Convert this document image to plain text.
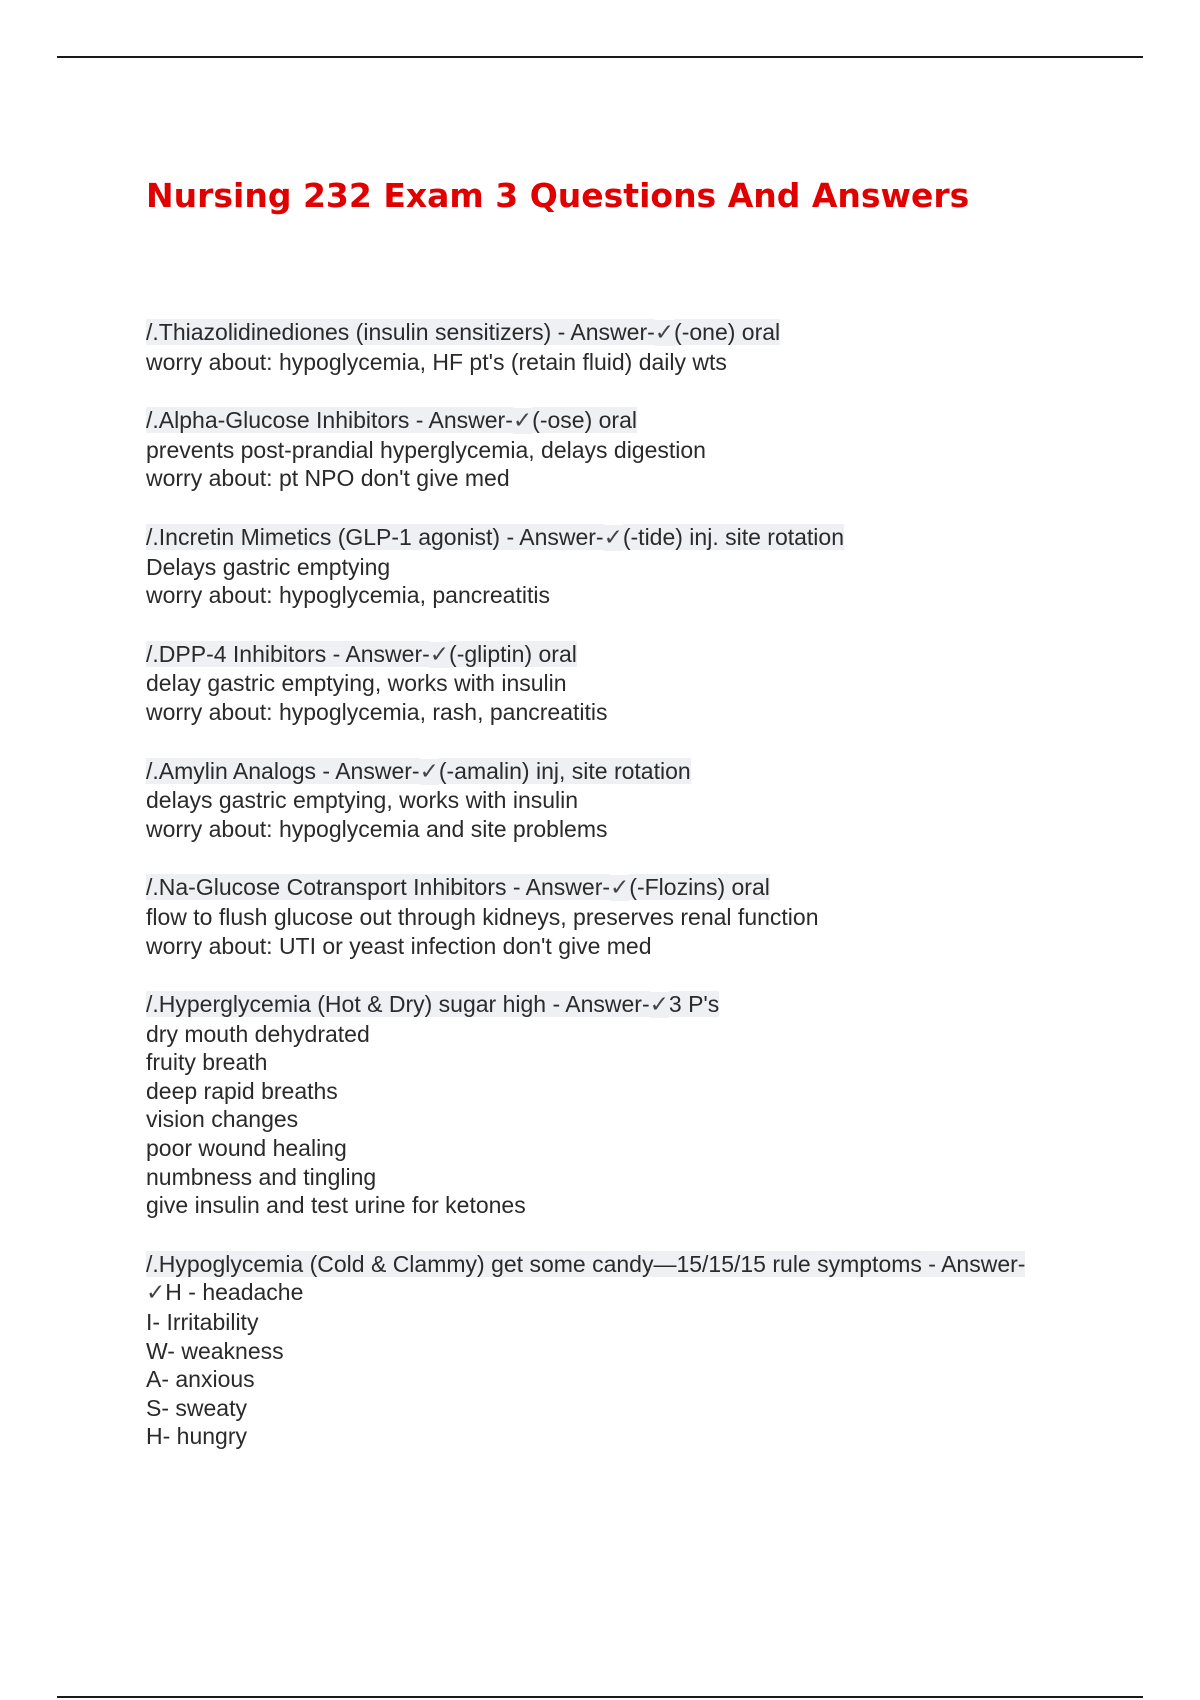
Nursing 232 Exam 3 Questions And Answers
/.Thiazolidinediones (insulin sensitizers) - Answer-✓(-one) oral
worry about: hypoglycemia, HF pt's (retain fluid) daily wts
/.Alpha-Glucose Inhibitors - Answer-✓(-ose) oral
prevents post-prandial hyperglycemia, delays digestion
worry about: pt NPO don't give med
/.Incretin Mimetics (GLP-1 agonist) - Answer-✓(-tide) inj. site rotation
Delays gastric emptying
worry about: hypoglycemia, pancreatitis
/.DPP-4 Inhibitors - Answer-✓(-gliptin) oral
delay gastric emptying, works with insulin
worry about: hypoglycemia, rash, pancreatitis
/.Amylin Analogs - Answer-✓(-amalin) inj, site rotation
delays gastric emptying, works with insulin
worry about: hypoglycemia and site problems
/.Na-Glucose Cotransport Inhibitors - Answer-✓(-Flozins) oral
flow to flush glucose out through kidneys, preserves renal function
worry about: UTI or yeast infection don't give med
/.Hyperglycemia (Hot & Dry) sugar high - Answer-✓3 P's
dry mouth dehydrated
fruity breath
deep rapid breaths
vision changes
poor wound healing
numbness and tingling
give insulin and test urine for ketones
/.Hypoglycemia (Cold & Clammy) get some candy—15/15/15 rule symptoms - Answer-
✓H - headache
I- Irritability
W- weakness
A- anxious
S- sweaty
H- hungry
